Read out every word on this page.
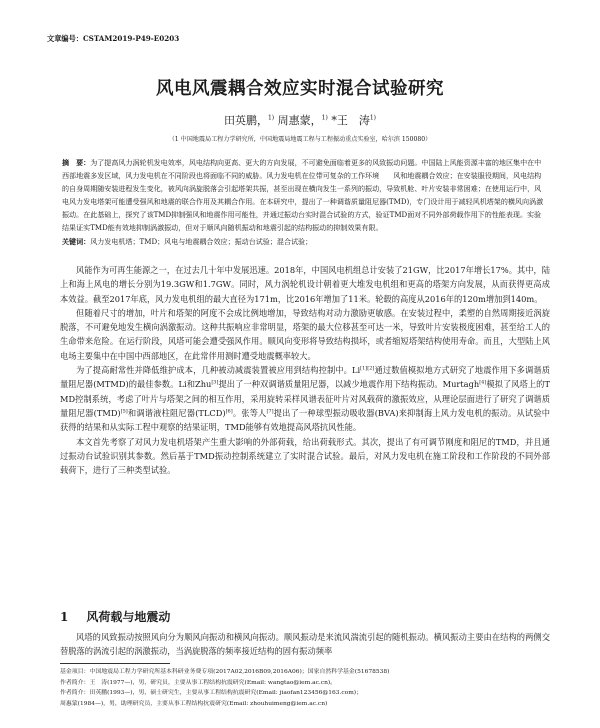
文章编号：CSTAM2019-P49-E0203
风电风震耦合效应实时混合试验研究
田英鹏，$^{1)}$ 周惠蒙，$^{1)}$ *王　涛$^{1)}$
（1 中国地震局工程力学研究所，中国地震局地震工程与工程振动重点实验室，哈尔滨 150080）
摘　要：为了提高风力涡轮机发电效率，风电结构向更高、更大的方向发展，不可避免面临着更多的风致振动问题。中国陆上风能资源丰富的地区集中在中西部地震多发区域，风力发电机在不同阶段也将面临不同的威胁。风力发电机在位带可复杂的工作环境　　风和地震耦合效应；在安装服役期间，风电结构的自身周期随安装进程发生变化，被风向涡旋脱落会引起塔架共振，甚至出现在横向发生一系列的振动，导致机舱、叶片安装非常困难；在使用运行中，风电风力发电塔架可能遭受强风和地震的联合作用及其耦合作用。在本研究中，提出了一种调谐质量阻尼器(TMD)，专门设计用于减轻风机塔架的横风向涡激振动。在此基础上，探究了该TMD抑制强风和地震作用可能性，并通过振动台实时混合试验的方式，验证TMD面对不同外部荷载作用下的性能表现。实验结果证实TMD能有效地抑制涡激振动，但对于顺风向随机振动和地震引起的结构振动的抑制效果有限。
关键词：风力发电机塔；TMD；风电与地震耦合效应；振动台试验；混合试验；

风能作为可再生能源之一，在过去几十年中发展迅速。2018年，中国风电机组总计安装了21GW，比2017年增长17%。其中，陆上和海上风电的增长分别为19.3GW和1.7GW。同时，风力涡轮机设计朝着更大堆发电机组和更高的塔架方向发展，从而获得更高成本效益。截至2017年底，风力发电机组的最大直径为171m，比2016年增加了11米。轮毂的高度从2016年的120m增加到140m。

但随着尺寸的增加，叶片和塔架的阿度不会成比例地增加，导致结构对动力激励更敏感。在安装过程中，柔塑的自然周期接近涡旋脱落，不可避免地发生横向涡激振动。这种共振响应非常明显，塔架的最大位移甚至可达一米，导致叶片安装极度困难，甚至给工人的生命带来危险。在运行阶段，风塔可能会遭受强风作用。顺风向变形将导致结构损坏，或者缩短塔架结构使用寿命。而且，大型陆上风电场主要集中在中国中西部地区，在此常伴用测时遭受地震概率较大。

为了提高耐常性并降低维护成本，几种被动减震装置被应用到结构控制中。Li[1][2]通过数值模拟地方式研究了地震作用下多调谐质量阻尼器(MTMD)的最佳参数。Li和Zhu[3]提出了一种双调谐质量阻尼器，以减少地震作用下结构振动。Murtagh[4]模拟了风塔上的TMD控制系统，考虑了叶片与塔架之间的相互作用，采用旋转采样风谱表征叶片对风载荷的激振效应，从理论层面进行了研究了调谐质量阻尼器(TMD)[5]和调谐液柱阻尼器(TLCD)[6]。张等人[7]提出了一种球型振动吸收器(BVA)来抑制海上风力发电机的振动。从试验中获得的结果和从实际工程中观察的结果证明，TMD能够有效地提高风塔抗风性能。

本文首先考察了对风力发电机塔架产生重大影响的外部荷载，给出荷载形式。其次，提出了有可调节刚度和阻尼的TMD，并且通过振动台试验识别其参数。然后基于TMD振动控制系统建立了实时混合试验。最后，对风力发电机在施工阶段和工作阶段的不同外部载荷下，进行了三种类型试验。

1 风荷载与地震动

风塔的风致振动按照风向分为顺风向振动和横风向振动。顺风振动是来流风湍流引起的随机振动。横风振动主要由在结构的两侧交替脱落的涡流引起的涡激振动，当涡旋脱落的频率接近结构的固有振动频率

基金项目：中国地震局工程力学研究所基本科研业务费专项(2017A02,2016B09,2016A06)；国家自然科学基金(51678538)
作者简介：王　涛(1977—)，男，研究员，主要从事工程结构抗震研究(Email: wangtao@iem.ac.cn)。
作者简介：田英鹏(1993—)，男，硕士研究生，主要从事工程结构抗震研究(Email: jiaofan123456@163.com)；
周惠蒙(1984—)，男，助理研究员，主要从事工程结构抗震研究(Email: zhouhuimeng@iem.ac.cn)
